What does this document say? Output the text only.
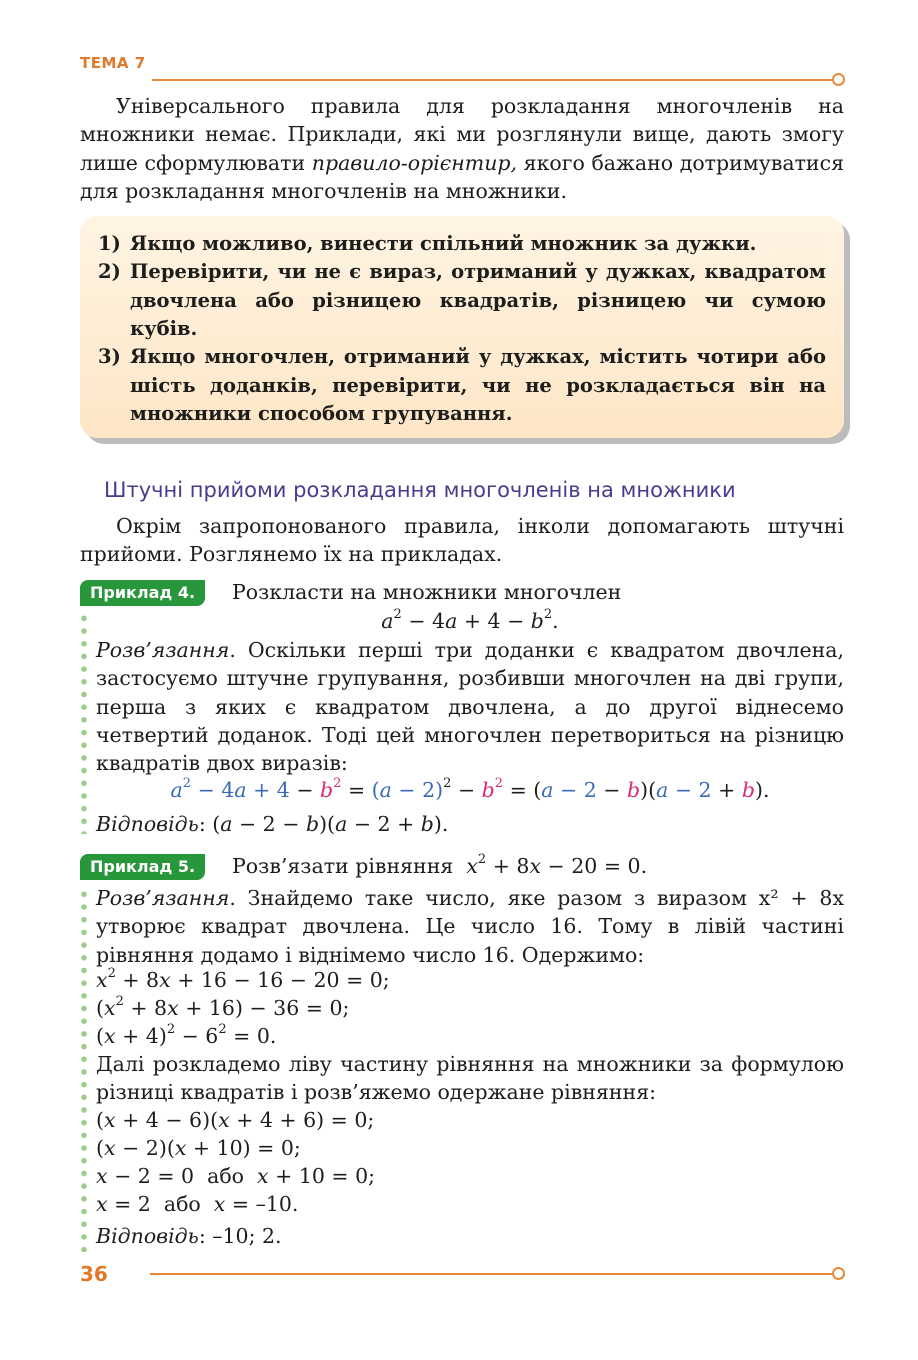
ТЕМА 7
Універсального правила для розкладання многочленів на множники немає. Приклади, які ми розглянули вище, дають змогу лише сформулювати правило-орієнтир, якого бажано дотримуватися для розкладання многочленів на множники.
1) Якщо можливо, винести спільний множник за дужки.
2) Перевірити, чи не є вираз, отриманий у дужках, квадратом двочлена або різницею квадратів, різницею чи сумою кубів.
3) Якщо многочлен, отриманий у дужках, містить чотири або шість доданків, перевірити, чи не розкладається він на множники способом групування.
Штучні прийоми розкладання многочленів на множники
Окрім запропонованого правила, інколи допомагають штучні прийоми. Розглянемо їх на прикладах.
Приклад 4.	Розкласти на множники многочлен
$a^2 - 4a + 4 - b^2$.
Розв’язання. Оскільки перші три доданки є квадратом двочлена, застосуємо штучне групування, розбивши многочлен на дві групи, перша з яких є квадратом двочлена, а до другої віднесемо четвертий доданок. Тоді цей многочлен перетвориться на різницю квадратів двох виразів:
$a^2 - 4a + 4 - b^2 = (a - 2)^2 - b^2 = (a - 2 - b)(a - 2 + b)$.
Відповідь: (a − 2 − b)(a − 2 + b).
Приклад 5.	Розв’язати рівняння $x^2 + 8x - 20 = 0$.
Розв’язання. Знайдемо таке число, яке разом з виразом x² + 8x утворює квадрат двочлена. Це число 16. Тому в лівій частині рівняння додамо і віднімемо число 16. Одержимо:
$x^2 + 8x + 16 - 16 - 20 = 0$;
$(x^2 + 8x + 16) - 36 = 0$;
$(x + 4)^2 - 6^2 = 0$.
Далі розкладемо ліву частину рівняння на множники за формулою різниці квадратів і розв’яжемо одержане рівняння:
(x + 4 − 6)(x + 4 + 6) = 0;
(x − 2)(x + 10) = 0;
x − 2 = 0  або  x + 10 = 0;
x = 2  або  x = –10.
Відповідь: –10; 2.
36
